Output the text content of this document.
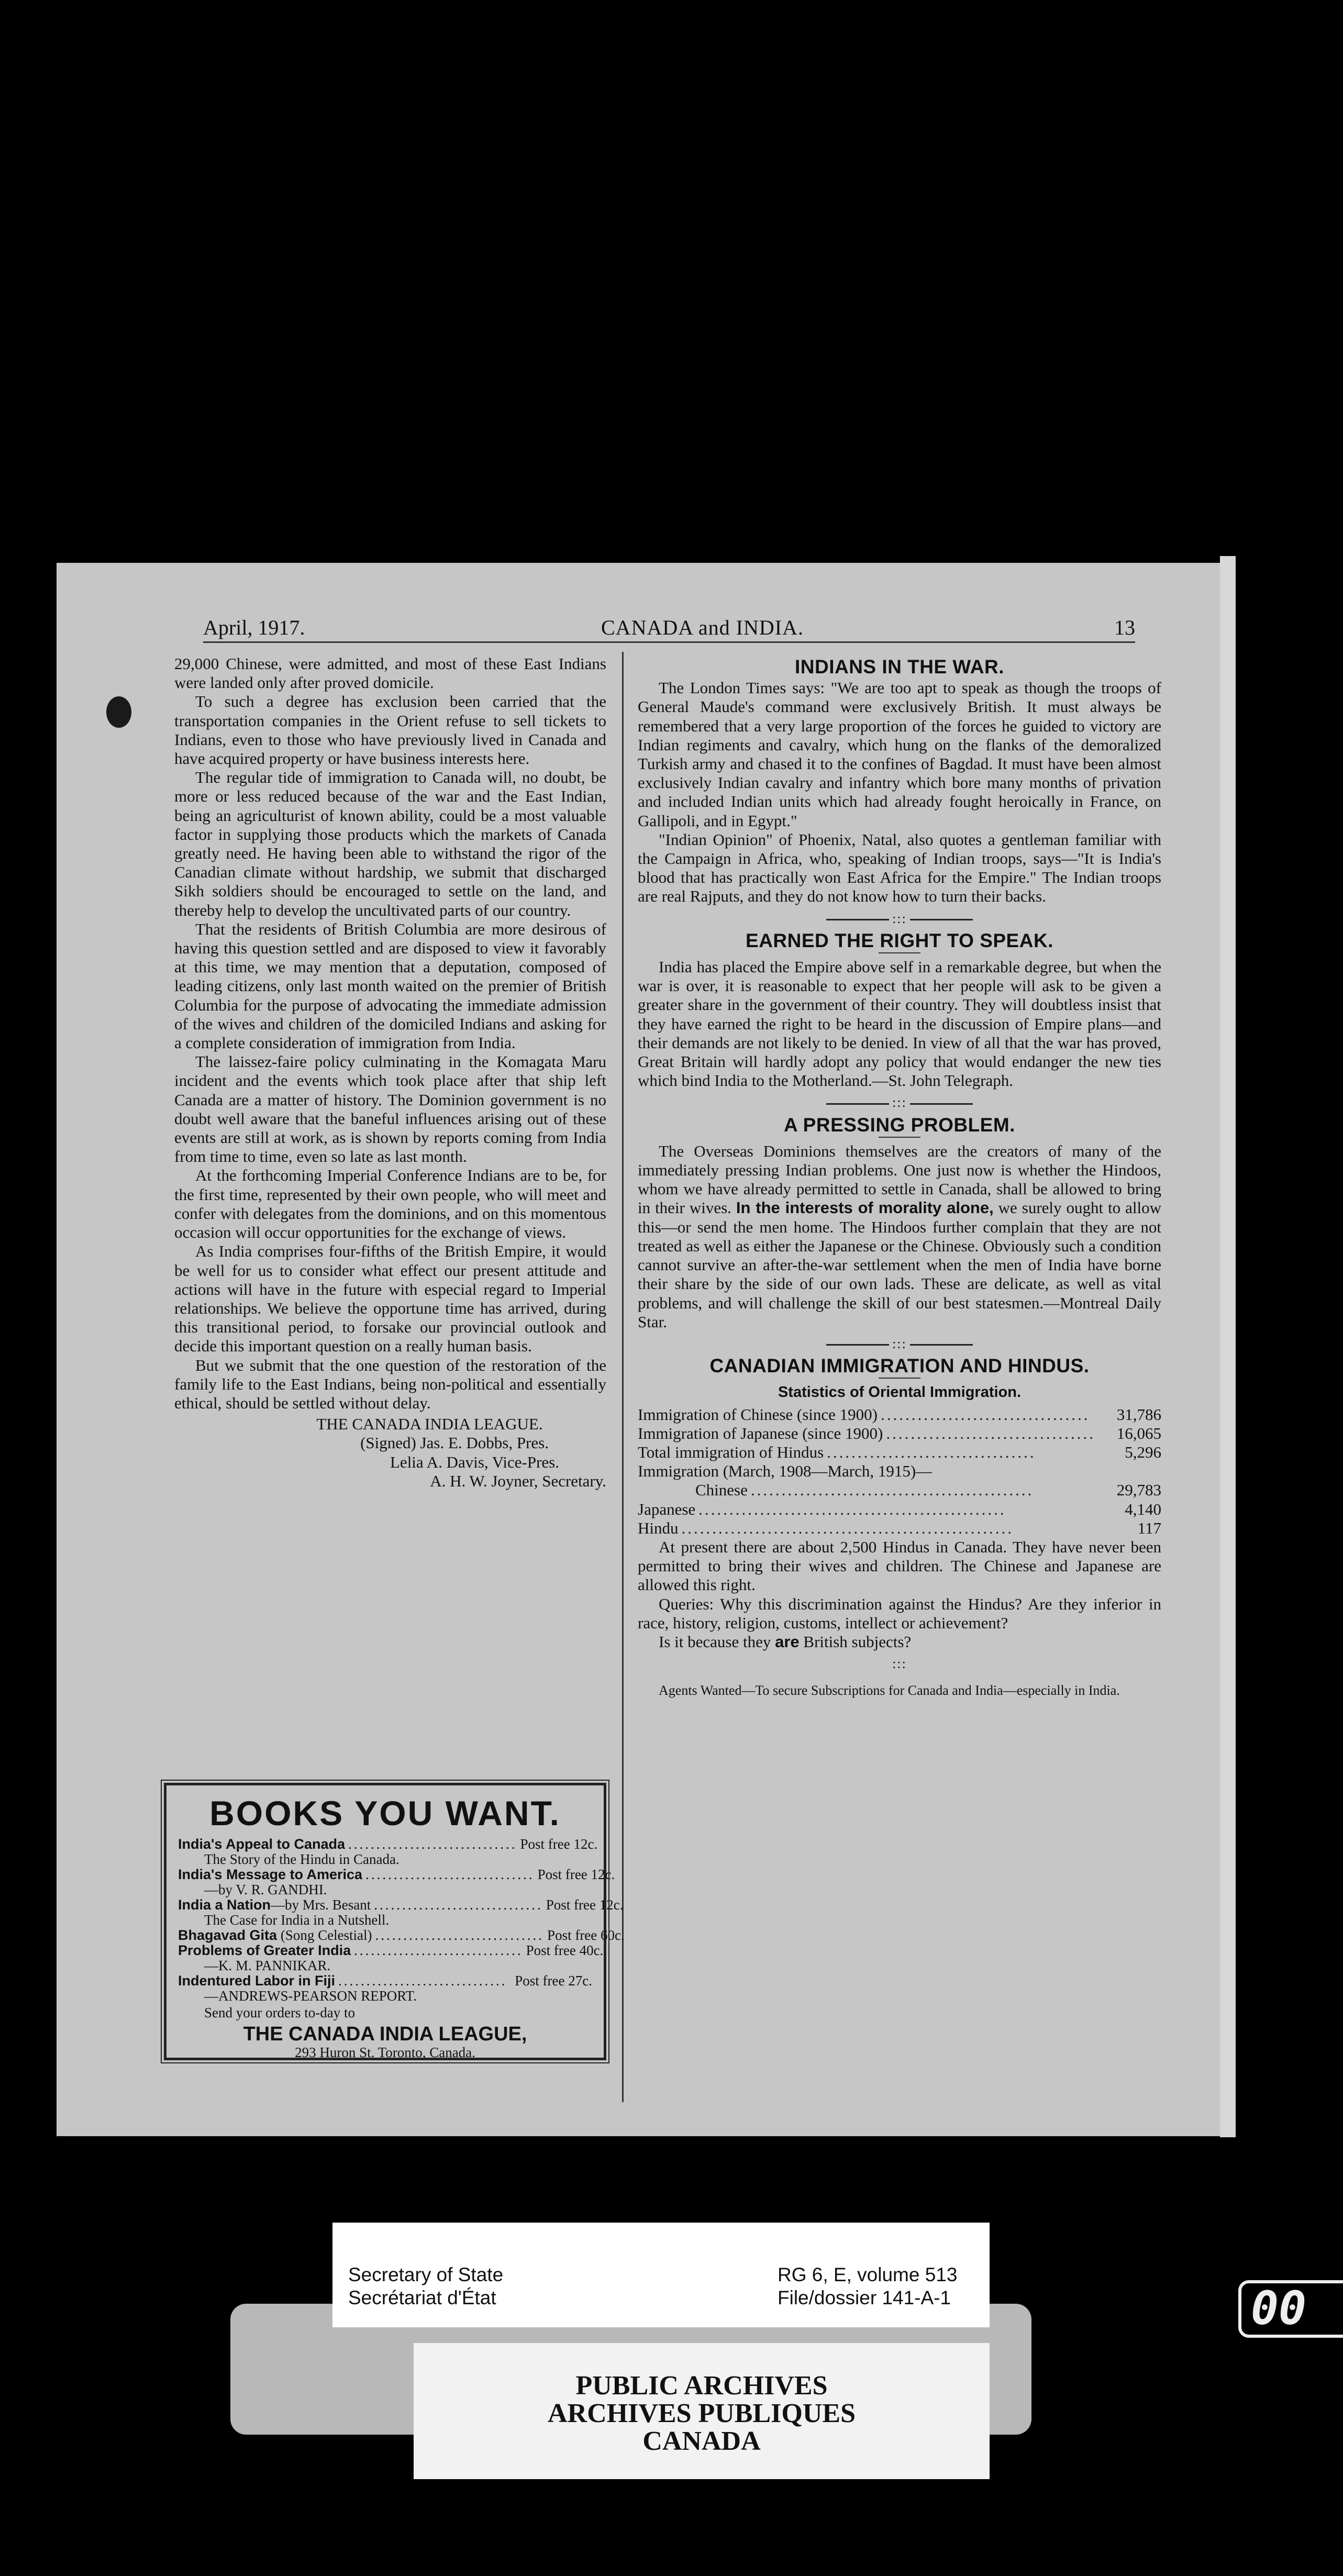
April, 1917.	CANADA and INDIA.	13

29,000 Chinese, were admitted, and most of these East Indians were landed only after proved domicile.

To such a degree has exclusion been carried that the transportation companies in the Orient refuse to sell tickets to Indians, even to those who have previously lived in Canada and have acquired property or have business interests here.

The regular tide of immigration to Canada will, no doubt, be more or less reduced because of the war and the East Indian, being an agriculturist of known ability, could be a most valuable factor in supplying those products which the markets of Canada greatly need. He having been able to withstand the rigor of the Canadian climate without hardship, we submit that discharged Sikh soldiers should be encouraged to settle on the land, and thereby help to develop the uncultivated parts of our country.

That the residents of British Columbia are more desirous of having this question settled and are disposed to view it favorably at this time, we may mention that a deputation, composed of leading citizens, only last month waited on the premier of British Columbia for the purpose of advocating the immediate admission of the wives and children of the domiciled Indians and asking for a complete consideration of immigration from India.

The laissez-faire policy culminating in the Komagata Maru incident and the events which took place after that ship left Canada are a matter of history. The Dominion government is no doubt well aware that the baneful influences arising out of these events are still at work, as is shown by reports coming from India from time to time, even so late as last month.

At the forthcoming Imperial Conference Indians are to be, for the first time, represented by their own people, who will meet and confer with delegates from the dominions, and on this momentous occasion will occur opportunities for the exchange of views.

As India comprises four-fifths of the British Empire, it would be well for us to consider what effect our present attitude and actions will have in the future with especial regard to Imperial relationships. We believe the opportune time has arrived, during this transitional period, to forsake our provincial outlook and decide this important question on a really human basis.

But we submit that the one question of the restoration of the family life to the East Indians, being non-political and essentially ethical, should be settled without delay.

THE CANADA INDIA LEAGUE.
(Signed) Jas. E. Dobbs, Pres.
Lelia A. Davis, Vice-Pres.
A. H. W. Joyner, Secretary.
BOOKS YOU WANT.
India's Appeal to Canada .............................. Post free 12c.
The Story of the Hindu in Canada.
India's Message to America .............................. Post free 12c.
—by V. R. GANDHI.
India a Nation—by Mrs. Besant .............................. Post free 12c.
The Case for India in a Nutshell.
Bhagavad Gita (Song Celestial) .............................. Post free 60c.
Problems of Greater India .............................. Post free 40c.
—K. M. PANNIKAR.
Indentured Labor in Fiji .............................. Post free 27c.
—ANDREWS-PEARSON REPORT.
Send your orders to-day to
THE CANADA INDIA LEAGUE,
293 Huron St. Toronto, Canada.
INDIANS IN THE WAR.

The London Times says: "We are too apt to speak as though the troops of General Maude's command were exclusively British. It must always be remembered that a very large proportion of the forces he guided to victory are Indian regiments and cavalry, which hung on the flanks of the demoralized Turkish army and chased it to the confines of Bagdad. It must have been almost exclusively Indian cavalry and infantry which bore many months of privation and included Indian units which had already fought heroically in France, on Gallipoli, and in Egypt."

"Indian Opinion" of Phoenix, Natal, also quotes a gentleman familiar with the Campaign in Africa, who, speaking of Indian troops, says—"It is India's blood that has practically won East Africa for the Empire." The Indian troops are real Rajputs, and they do not know how to turn their backs.

:::
EARNED THE RIGHT TO SPEAK.

India has placed the Empire above self in a remarkable degree, but when the war is over, it is reasonable to expect that her people will ask to be given a greater share in the government of their country. They will doubtless insist that they have earned the right to be heard in the discussion of Empire plans—and their demands are not likely to be denied. In view of all that the war has proved, Great Britain will hardly adopt any policy that would endanger the new ties which bind India to the Motherland.—St. John Telegraph.

:::
A PRESSING PROBLEM.

The Overseas Dominions themselves are the creators of many of the immediately pressing Indian problems. One just now is whether the Hindoos, whom we have already permitted to settle in Canada, shall be allowed to bring in their wives. In the interests of morality alone, we surely ought to allow this—or send the men home. The Hindoos further complain that they are not treated as well as either the Japanese or the Chinese. Obviously such a condition cannot survive an after-the-war settlement when the men of India have borne their share by the side of our own lads. These are delicate, as well as vital problems, and will challenge the skill of our best statesmen.—Montreal Daily Star.

:::
CANADIAN IMMIGRATION AND HINDUS.
Statistics of Oriental Immigration.
Immigration of Chinese (since 1900) ..................................	31,786
Immigration of Japanese (since 1900) ..................................	16,065
Total immigration of Hindus ..................................	5,296
Immigration (March, 1908—March, 1915)—
Chinese ..............................................	29,783
Japanese ..................................................	4,140
Hindu ......................................................	117

At present there are about 2,500 Hindus in Canada. They have never been permitted to bring their wives and children. The Chinese and Japanese are allowed this right.

Queries: Why this discrimination against the Hindus? Are they inferior in race, history, religion, customs, intellect or achievement?

Is it because they are British subjects?

:::

Agents Wanted—To secure Subscriptions for Canada and India—especially in India.

Secretary of State
Secrétariat d'État
RG 6, E, volume 513
File/dossier 141-A-1
PUBLIC ARCHIVES
ARCHIVES PUBLIQUES
CANADA
00
